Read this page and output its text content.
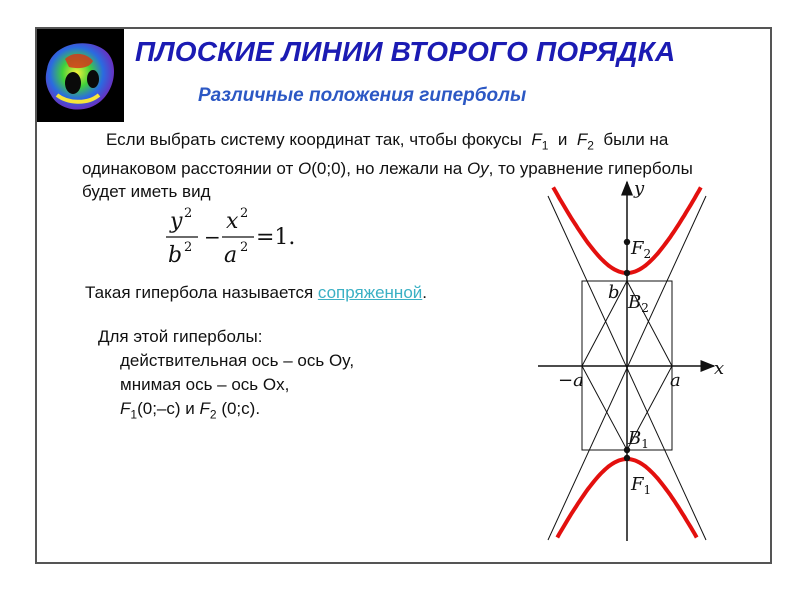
ПЛОСКИЕ ЛИНИИ ВТОРОГО ПОРЯДКА
Различные положения гиперболы
Если выбрать систему координат так, чтобы фокусы $F_1$ и $F_2$ были на одинаковом расстоянии от O(0;0), но лежали на Oy, то уравнение гиперболы будет иметь вид
y 2
b 2 −
x 2
a 2 =1.
Такая гипербола называется сопряженной.
Для этой гиперболы:
действительная ось – ось Oy,
мнимая ось – ось Ox,
$F_1(0;-c)$ и $F_2$ (0;c).
y
x
$F_2$
b $B_2$
−a	a
$B_1$
$F_1$
